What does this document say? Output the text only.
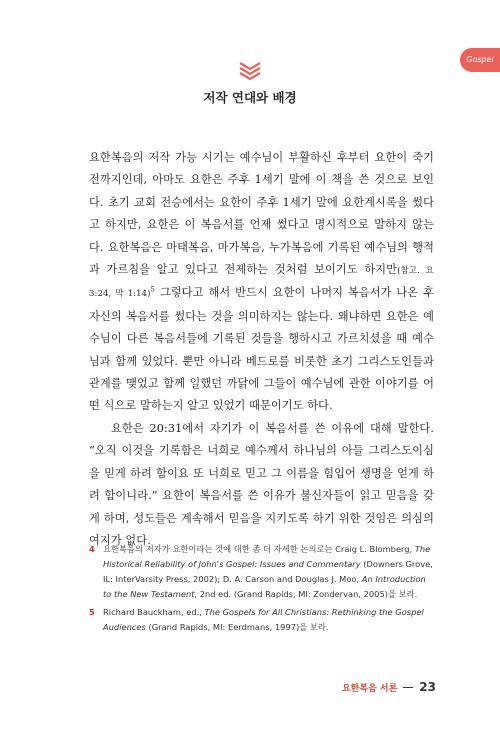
Gospel
저작 연대와 배경

요한복음의 저작 가능 시기는 예수님이 부활하신 후부터 요한이 죽기 전까지인데, 아마도 요한은 주후 1세기 말에 이 책을 쓴 것으로 보인다. 초기 교회 전승에서는 요한이 주후 1세기 말에 요한계시록을 썼다고 하지만, 요한은 이 복음서를 언제 썼다고 명시적으로 말하지 않는다. 요한복음은 마태복음, 마가복음, 누가복음에 기록된 예수님의 행적과 가르침을 알고 있다고 전제하는 것처럼 보이기도 하지만(참고. 요 3:24, 막 1:14)$^5$ 그렇다고 해서 반드시 요한이 나머지 복음서가 나온 후 자신의 복음서를 썼다는 것을 의미하지는 않는다. 왜냐하면 요한은 예수님이 다른 복음서들에 기록된 것들을 행하시고 가르치셨을 때 예수님과 함께 있었다. 뿐만 아니라 베드로를 비롯한 초기 그리스도인들과 관계를 맺었고 함께 일했던 까닭에 그들이 예수님에 관한 이야기를 어떤 식으로 말하는지 알고 있었기 때문이기도 하다.

요한은 20:31에서 자기가 이 복음서를 쓴 이유에 대해 말한다. “오직 이것을 기록함은 너희로 예수께서 하나님의 아들 그리스도이심을 믿게 하려 함이요 또 너희로 믿고 그 이름을 힘입어 생명을 얻게 하려 함이니라.” 요한이 복음서를 쓴 이유가 불신자들이 읽고 믿음을 갖게 하며, 성도들은 계속해서 믿음을 지키도록 하기 위한 것임은 의심의 여지가 없다.

4 요한복음의 저자가 요한이라는 것에 대한 좀 더 자세한 논의로는 Craig L. Blomberg, The Historical Reliability of John's Gospel: Issues and Commentary (Downers Grove, IL: InterVarsity Press, 2002); D. A. Carson and Douglas J. Moo, An Introduction to the New Testament, 2nd ed. (Grand Rapids, MI: Zondervan, 2005)을 보라.
5 Richard Bauckham, ed., The Gospels for All Christians: Rethinking the Gospel Audiences (Grand Rapids, MI: Eerdmans, 1997)을 보라.
요한복음 서론 23
